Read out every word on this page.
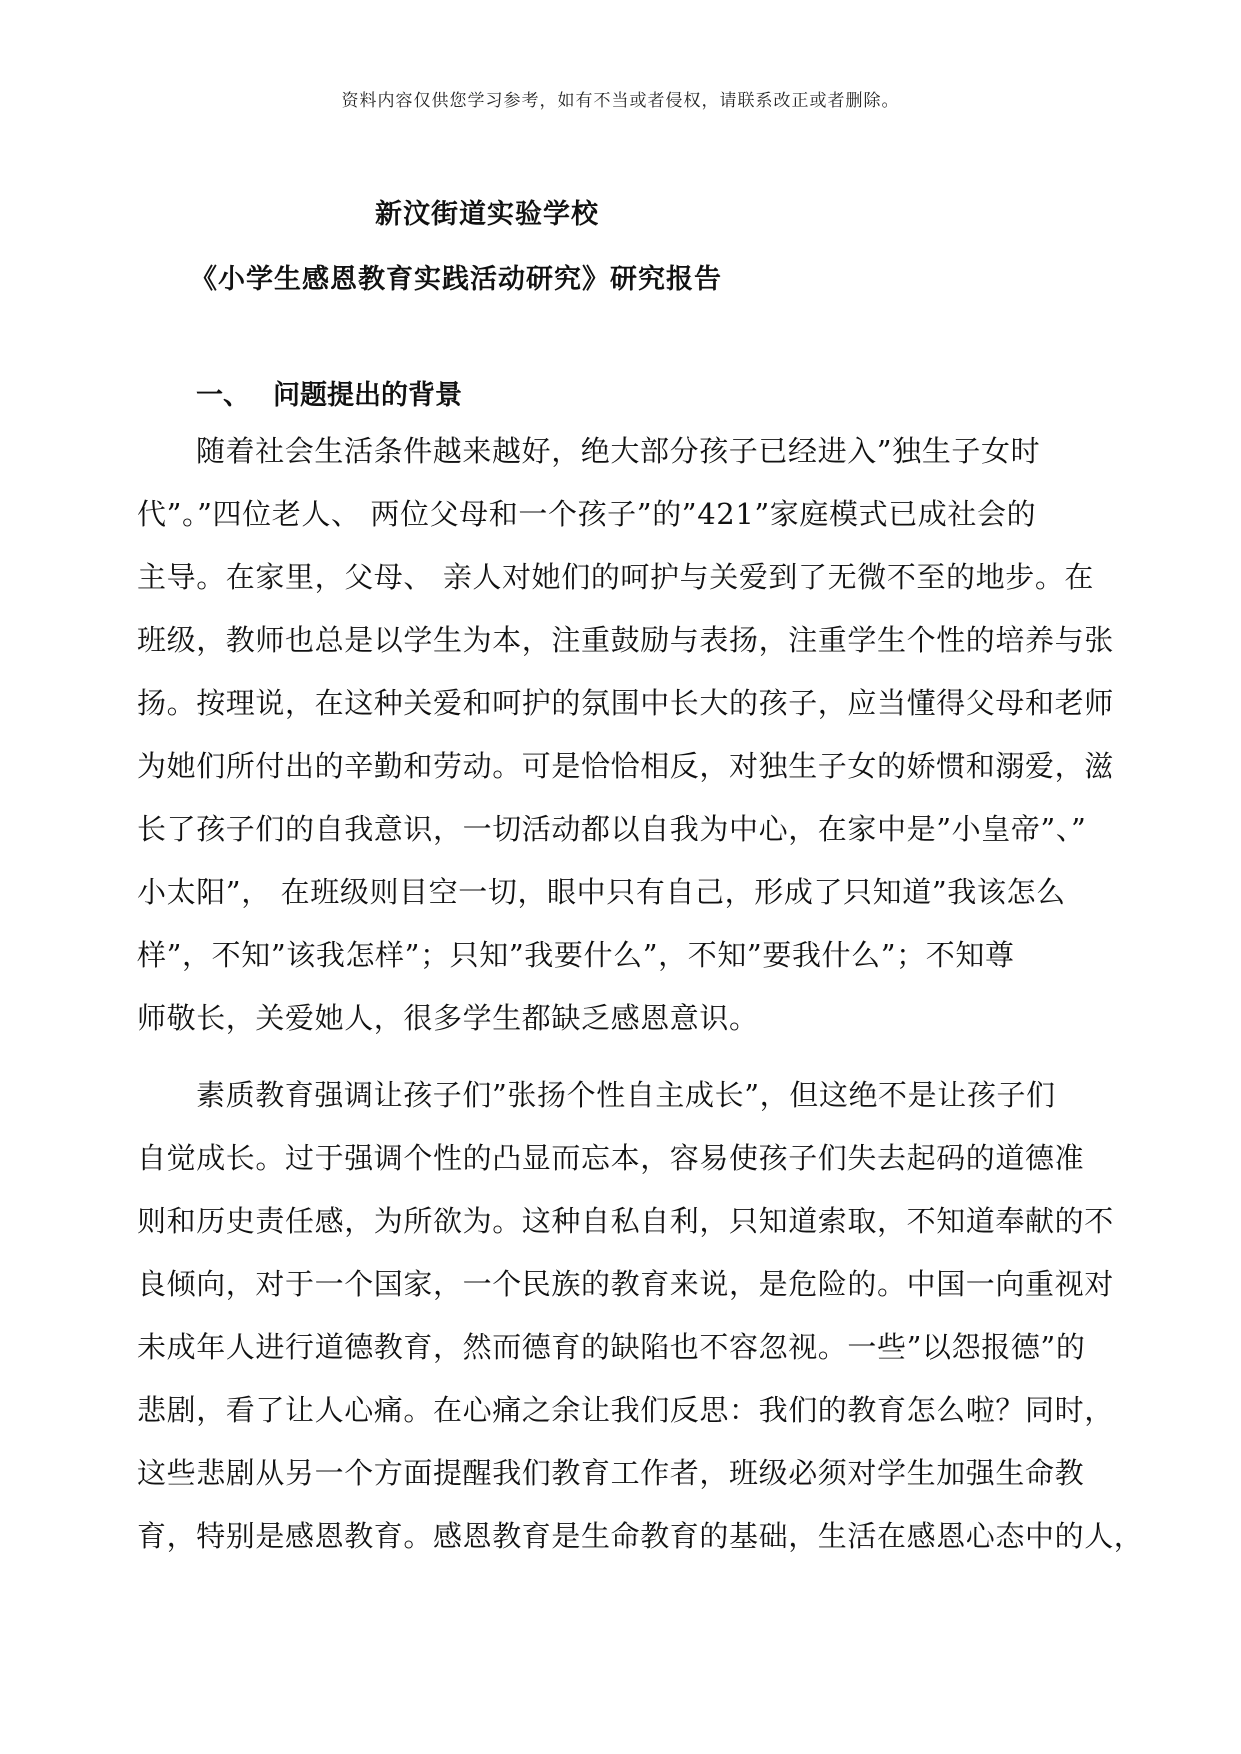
资料内容仅供您学习参考，如有不当或者侵权，请联系改正或者删除。
新汶街道实验学校
《小学生感恩教育实践活动研究》研究报告
一、 问题提出的背景
随着社会生活条件越来越好，绝大部分孩子已经进入”独生子女时
代”。”四位老人、 两位父母和一个孩子”的”421”家庭模式已成社会的
主导。在家里，父母、 亲人对她们的呵护与关爱到了无微不至的地步。在
班级，教师也总是以学生为本，注重鼓励与表扬，注重学生个性的培养与张
扬。按理说，在这种关爱和呵护的氛围中长大的孩子，应当懂得父母和老师
为她们所付出的辛勤和劳动。可是恰恰相反，对独生子女的娇惯和溺爱，滋
长了孩子们的自我意识，一切活动都以自我为中心，在家中是”小皇帝”、”
小太阳”， 在班级则目空一切，眼中只有自己，形成了只知道”我该怎么
样”，不知”该我怎样”；只知”我要什么”，不知”要我什么”；不知尊
师敬长，关爱她人，很多学生都缺乏感恩意识。
素质教育强调让孩子们”张扬个性自主成长”，但这绝不是让孩子们
自觉成长。过于强调个性的凸显而忘本，容易使孩子们失去起码的道德准
则和历史责任感，为所欲为。这种自私自利，只知道索取，不知道奉献的不
良倾向，对于一个国家，一个民族的教育来说，是危险的。中国一向重视对
未成年人进行道德教育，然而德育的缺陷也不容忽视。一些”以怨报德”的
悲剧，看了让人心痛。在心痛之余让我们反思：我们的教育怎么啦？同时，
这些悲剧从另一个方面提醒我们教育工作者，班级必须对学生加强生命教
育，特别是感恩教育。感恩教育是生命教育的基础，生活在感恩心态中的人，
